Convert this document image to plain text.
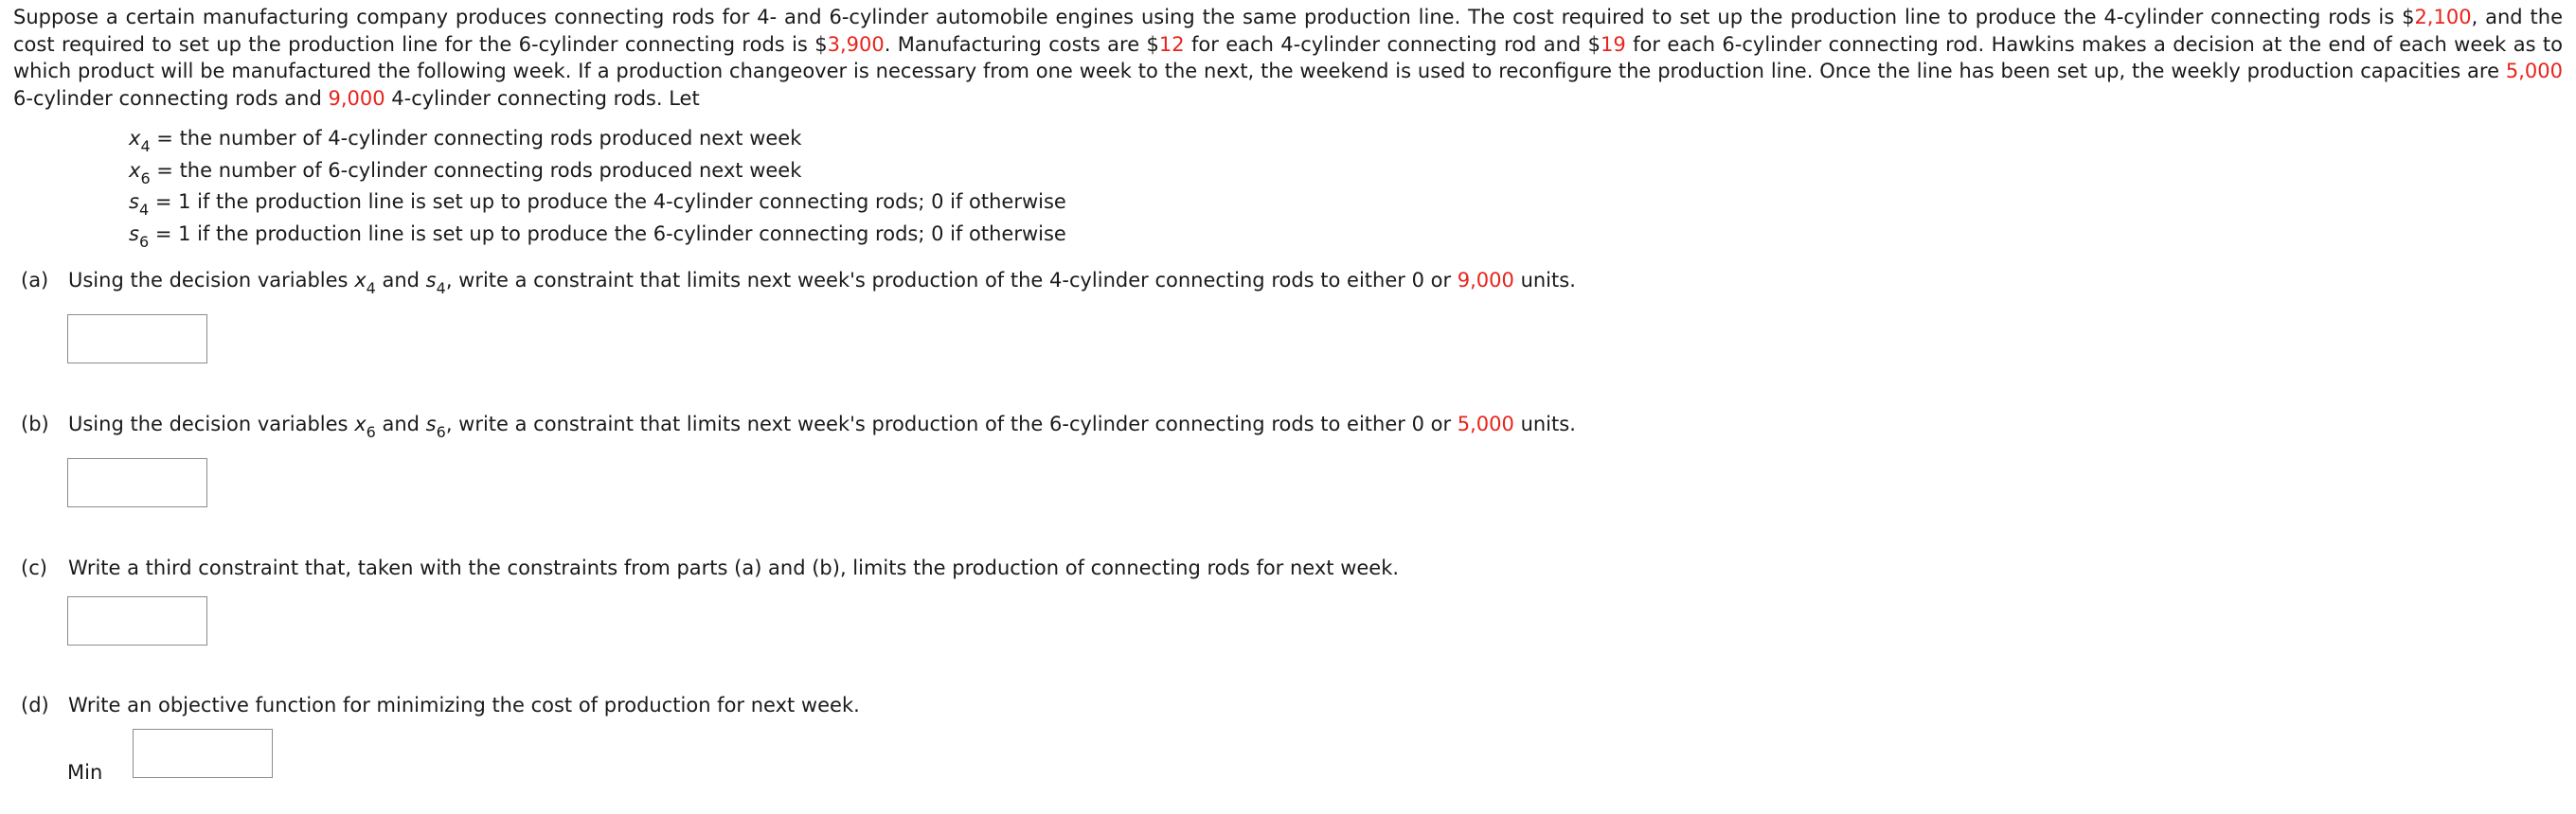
Suppose a certain manufacturing company produces connecting rods for 4- and 6-cylinder automobile engines using the same production line. The cost required to set up the production line to produce the 4-cylinder connecting rods is $2,100, and the cost required to set up the production line for the 6-cylinder connecting rods is $3,900. Manufacturing costs are $12 for each 4-cylinder connecting rod and $19 for each 6-cylinder connecting rod. Hawkins makes a decision at the end of each week as to which product will be manufactured the following week. If a production changeover is necessary from one week to the next, the weekend is used to reconfigure the production line. Once the line has been set up, the weekly production capacities are 5,000 6-cylinder connecting rods and 9,000 4-cylinder connecting rods. Let

$x_4$ = the number of 4-cylinder connecting rods produced next week
$x_6$ = the number of 6-cylinder connecting rods produced next week
$s_4 = 1$ if the production line is set up to produce the 4-cylinder connecting rods; 0 if otherwise
$s_6 = 1$ if the production line is set up to produce the 6-cylinder connecting rods; 0 if otherwise
(a) Using the decision variables $x_4$ and $s_4$, write a constraint that limits next week's production of the 4-cylinder connecting rods to either 0 or 9,000 units.
(b) Using the decision variables $x_6$ and $s_6$, write a constraint that limits next week's production of the 6-cylinder connecting rods to either 0 or 5,000 units.
(c) Write a third constraint that, taken with the constraints from parts (a) and (b), limits the production of connecting rods for next week.
(d) Write an objective function for minimizing the cost of production for next week.
Min
